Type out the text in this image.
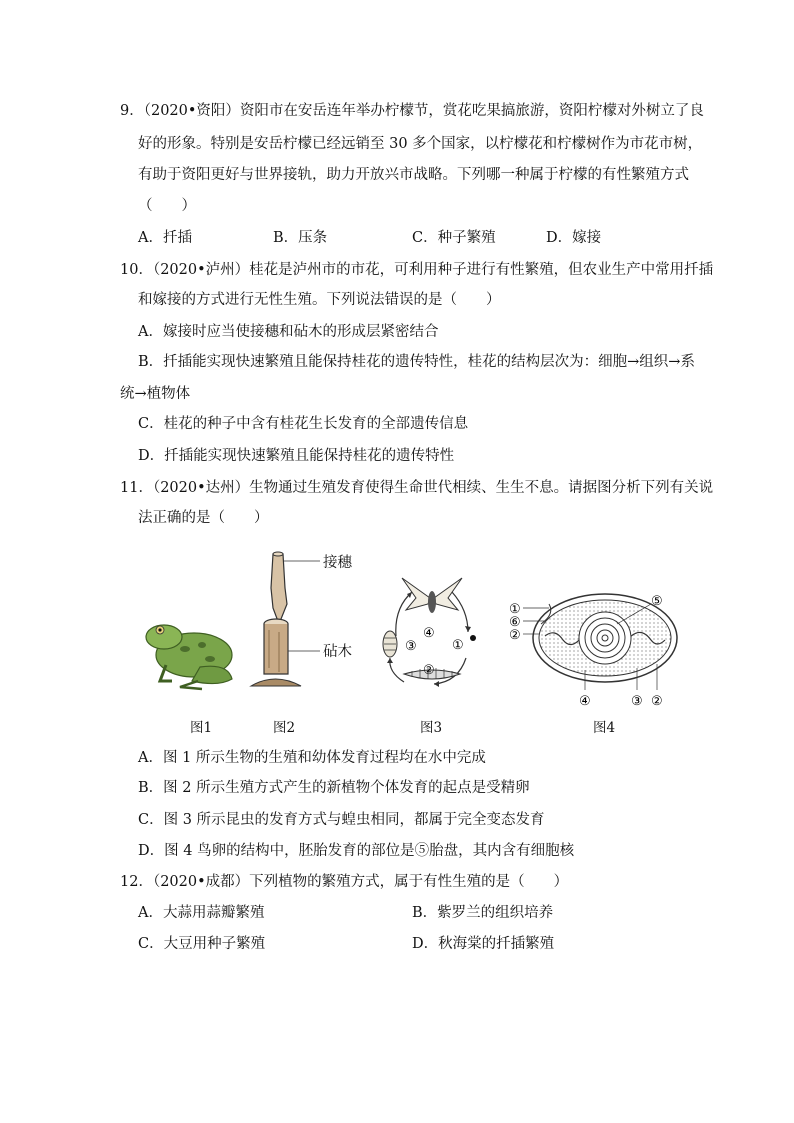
9．（2020•资阳）资阳市在安岳连年举办柠檬节，赏花吃果搞旅游，资阳柠檬对外树立了良
好的形象。特别是安岳柠檬已经远销至 30 多个国家，以柠檬花和柠檬树作为市花市树，
有助于资阳更好与世界接轨，助力开放兴市战略。下列哪一种属于柠檬的有性繁殖方式
（　　）
A．扦插	B．压条	C．种子繁殖	D．嫁接
10．（2020•泸州）桂花是泸州市的市花，可利用种子进行有性繁殖，但农业生产中常用扦插
和嫁接的方式进行无性生殖。下列说法错误的是（　　）
A．嫁接时应当使接穗和砧木的形成层紧密结合
B．扦插能实现快速繁殖且能保持桂花的遗传特性，桂花的结构层次为：细胞→组织→系
统→植物体
C．桂花的种子中含有桂花生长发育的全部遗传信息
D．扦插能实现快速繁殖且能保持桂花的遗传特性
11．（2020•达州）生物通过生殖发育使得生命世代相续、生生不息。请据图分析下列有关说
法正确的是（　　）
接穗
砧木
④
①
③
②
①
⑥
②
⑤
④	③ ②
图1	图2	图3	图4
A．图 1 所示生物的生殖和幼体发育过程均在水中完成
B．图 2 所示生殖方式产生的新植物个体发育的起点是受精卵
C．图 3 所示昆虫的发育方式与蝗虫相同，都属于完全变态发育
D．图 4 鸟卵的结构中，胚胎发育的部位是⑤胎盘，其内含有细胞核
12．（2020•成都）下列植物的繁殖方式，属于有性生殖的是（　　）
A．大蒜用蒜瓣繁殖	B．紫罗兰的组织培养
C．大豆用种子繁殖	D．秋海棠的扦插繁殖
